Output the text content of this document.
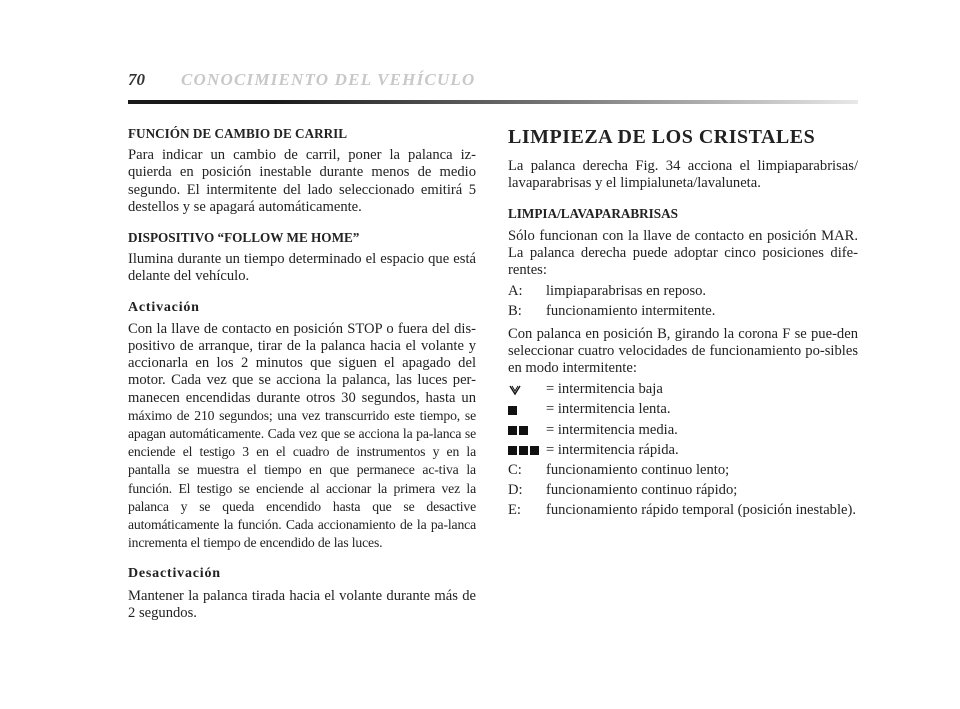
70 CONOCIMIENTO DEL VEHÍCULO
FUNCIÓN DE CAMBIO DE CARRIL

Para indicar un cambio de carril, poner la palanca iz-quierda en posición inestable durante menos de medio segundo. El intermitente del lado seleccionado emitirá 5 destellos y se apagará automáticamente.

DISPOSITIVO “FOLLOW ME HOME”

Ilumina durante un tiempo determinado el espacio que está delante del vehículo.

Activación

Con la llave de contacto en posición STOP o fuera del dis-positivo de arranque, tirar de la palanca hacia el volante y accionarla en los 2 minutos que siguen el apagado del motor. Cada vez que se acciona la palanca, las luces per-manecen encendidas durante otros 30 segundos, hasta un máximo de 210 segundos; una vez transcurrido este tiempo, se apagan automáticamente. Cada vez que se acciona la pa-lanca se enciende el testigo 3 en el cuadro de instrumentos y en la pantalla se muestra el tiempo en que permanece ac-tiva la función. El testigo se enciende al accionar la primera vez la palanca y se queda encendido hasta que se desactive automáticamente la función. Cada accionamiento de la pa-lanca incrementa el tiempo de encendido de las luces.

Desactivación

Mantener la palanca tirada hacia el volante durante más de 2 segundos.

LIMPIEZA DE LOS CRISTALES

La palanca derecha Fig. 34 acciona el limpiaparabrisas/ lavaparabrisas y el limpialuneta/lavaluneta.

LIMPIA/LAVAPARABRISAS

Sólo funcionan con la llave de contacto en posición MAR. La palanca derecha puede adoptar cinco posiciones dife-rentes:

A:	limpiaparabrisas en reposo.
B:	funcionamiento intermitente.

Con palanca en posición B, girando la corona F se pue-den seleccionar cuatro velocidades de funcionamiento po-sibles en modo intermitente:

= intermitencia baja
= intermitencia lenta.
= intermitencia media.
= intermitencia rápida.
C:	funcionamiento continuo lento;
D:	funcionamiento continuo rápido;
E:	funcionamiento rápido temporal (posición inestable).
